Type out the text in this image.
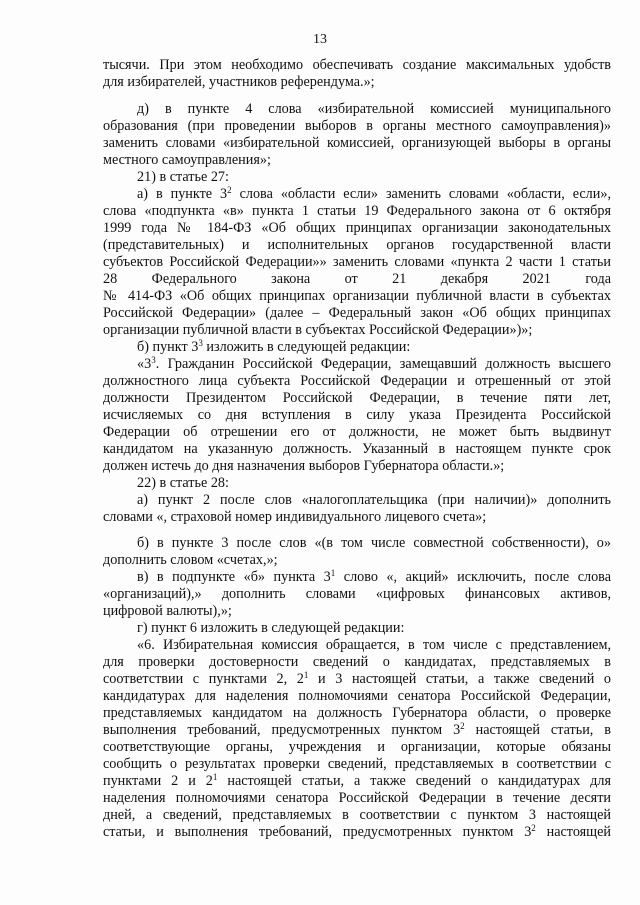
13
тысячи. При этом необходимо обеспечивать создание максимальных удобств
для избирателей, участников референдума.»;
д) в пункте 4 слова «избирательной комиссией муниципального
образования (при проведении выборов в органы местного самоуправления)»
заменить словами «избирательной комиссией, организующей выборы в органы
местного самоуправления»;
21) в статье 27:
а) в пункте $3^2$ слова «области если» заменить словами «области, если»,
слова «подпункта «в» пункта 1 статьи 19 Федерального закона от 6 октября
1999 года № 184-ФЗ «Об общих принципах организации законодательных
(представительных) и исполнительных органов государственной власти
субъектов Российской Федерации»» заменить словами «пункта 2 части 1 статьи
28 Федерального закона от 21 декабря 2021 года
№ 414-ФЗ «Об общих принципах организации публичной власти в субъектах
Российской Федерации» (далее – Федеральный закон «Об общих принципах
организации публичной власти в субъектах Российской Федерации»)»;
б) пункт $3^3$ изложить в следующей редакции:
«$3^3$. Гражданин Российской Федерации, замещавший должность высшего
должностного лица субъекта Российской Федерации и отрешенный от этой
должности Президентом Российской Федерации, в течение пяти лет,
исчисляемых со дня вступления в силу указа Президента Российской
Федерации об отрешении его от должности, не может быть выдвинут
кандидатом на указанную должность. Указанный в настоящем пункте срок
должен истечь до дня назначения выборов Губернатора области.»;
22) в статье 28:
а) пункт 2 после слов «налогоплательщика (при наличии)» дополнить
словами «, страховой номер индивидуального лицевого счета»;
б) в пункте 3 после слов «(в том числе совместной собственности), о»
дополнить словом «счетах,»;
в) в подпункте «б» пункта $3^1$ слово «, акций» исключить, после слова
«организаций),» дополнить словами «цифровых финансовых активов,
цифровой валюты),»;
г) пункт 6 изложить в следующей редакции:
«6. Избирательная комиссия обращается, в том числе с представлением,
для проверки достоверности сведений о кандидатах, представляемых в
соответствии с пунктами 2, $2^1$ и 3 настоящей статьи, а также сведений о
кандидатурах для наделения полномочиями сенатора Российской Федерации,
представляемых кандидатом на должность Губернатора области, о проверке
выполнения требований, предусмотренных пунктом $3^2$ настоящей статьи, в
соответствующие органы, учреждения и организации, которые обязаны
сообщить о результатах проверки сведений, представляемых в соответствии с
пунктами 2 и $2^1$ настоящей статьи, а также сведений о кандидатурах для
наделения полномочиями сенатора Российской Федерации в течение десяти
дней, а сведений, представляемых в соответствии с пунктом 3 настоящей
статьи, и выполнения требований, предусмотренных пунктом $3^2$ настоящей
